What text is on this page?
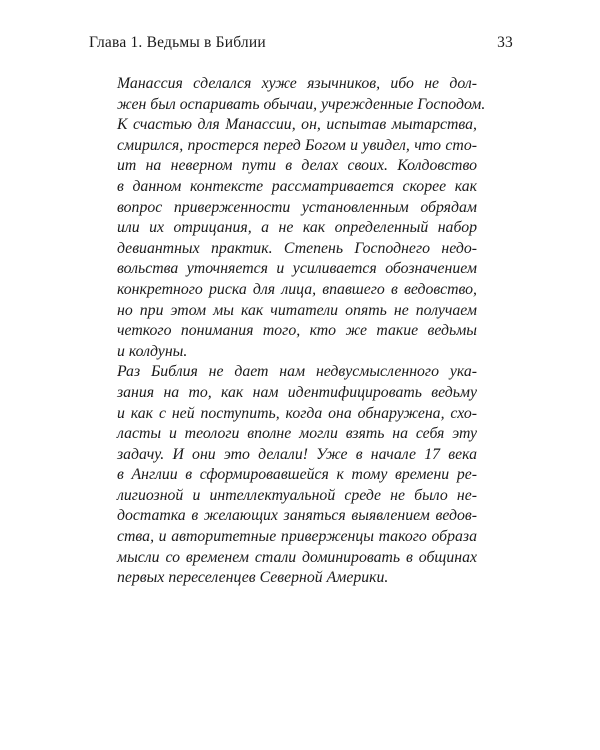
Глава 1. Ведьмы в Библии	33
Манассия сделался хуже язычников, ибо не дол-
жен был оспаривать обычаи, учрежденные Господом.
К счастью для Манассии, он, испытав мытарства,
смирился, простерся перед Богом и увидел, что сто-
ит на неверном пути в делах своих. Колдовство
в данном контексте рассматривается скорее как
вопрос приверженности установленным обрядам
или их отрицания, а не как определенный набор
девиантных практик. Степень Господнего недо-
вольства уточняется и усиливается обозначением
конкретного риска для лица, впавшего в ведовство,
но при этом мы как читатели опять не получаем
четкого понимания того, кто же такие ведьмы
и колдуны.
Раз Библия не дает нам недвусмысленного ука-
зания на то, как нам идентифицировать ведьму
и как с ней поступить, когда она обнаружена, схо-
ласты и теологи вполне могли взять на себя эту
задачу. И они это делали! Уже в начале 17 века
в Англии в сформировавшейся к тому времени ре-
лигиозной и интеллектуальной среде не было не-
достатка в желающих заняться выявлением ведов-
ства, и авторитетные приверженцы такого образа
мысли со временем стали доминировать в общинах
первых переселенцев Северной Америки.
